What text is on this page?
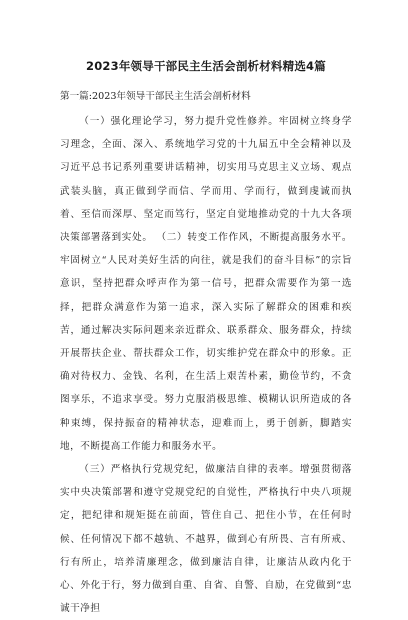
2023年领导干部民主生活会剖析材料精选4篇
第一篇:2023年领导干部民主生活会剖析材料

（一）强化理论学习，努力提升党性修养。牢固树立终身学习理念，全面、深入、系统地学习党的十九届五中全会精神以及习近平总书记系列重要讲话精神，切实用马克思主义立场、观点武装头脑，真正做到学而信、学而用、学而行，做到虔诚而执着、至信而深厚、坚定而笃行，坚定自觉地推动党的十九大各项决策部署落到实处。 （二）转变工作作风，不断提高服务水平。牢固树立“人民对美好生活的向往，就是我们的奋斗目标”的宗旨意识，坚持把群众呼声作为第一信号，把群众需要作为第一选择，把群众满意作为第一追求，深入实际了解群众的困难和疾苦，通过解决实际问题来亲近群众、联系群众、服务群众，持续开展帮扶企业、帮扶群众工作，切实维护党在群众中的形象。正确对待权力、金钱、名利，在生活上艰苦朴素，勤俭节约，不贪图享乐，不追求享受。努力克服消极思维、模糊认识所造成的各种束缚，保持振奋的精神状态，迎难而上，勇于创新，脚踏实地，不断提高工作能力和服务水平。

（三）严格执行党规党纪，做廉洁自律的表率。增强贯彻落实中央决策部署和遵守党规党纪的自觉性，严格执行中央八项规定，把纪律和规矩挺在前面，管住自己、把住小节，在任何时候、任何情况下都不越轨、不越界，做到心有所畏、言有所戒、行有所止，培养清廉理念，做到廉洁自律，让廉洁从政内化于心、外化于行，努力做到自重、自省、自警、自励，在党做到“忠诚干净担
